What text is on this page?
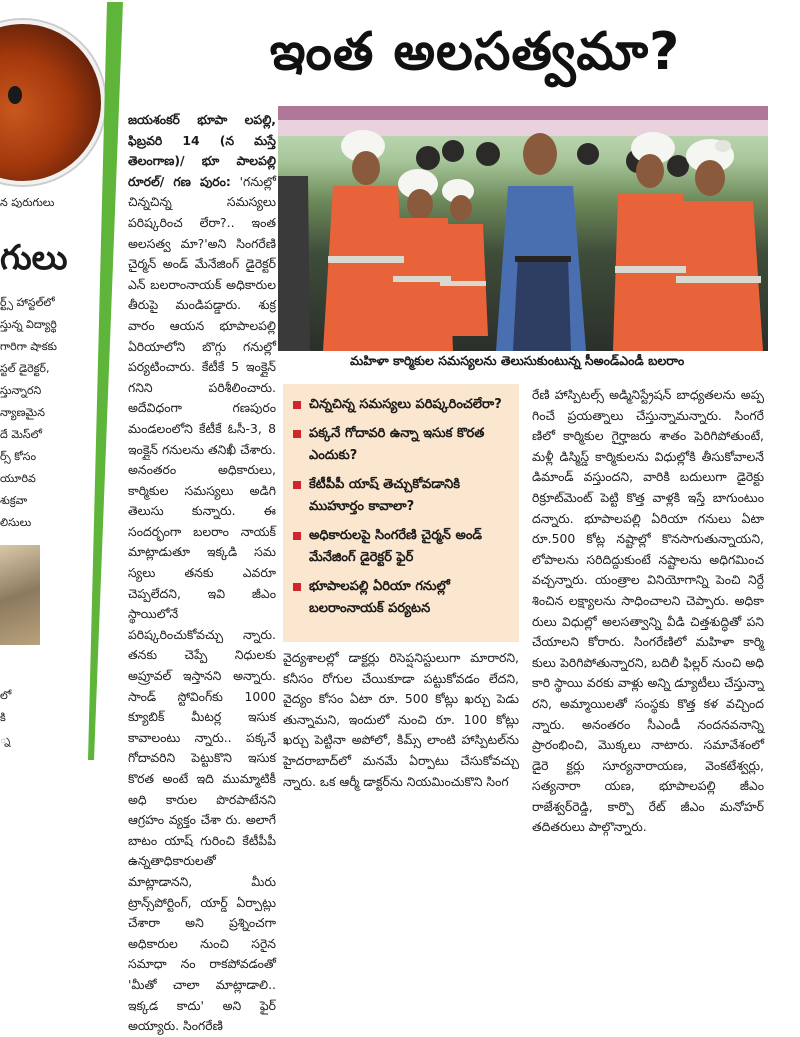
న పురుగులు
గులు
ర్ట్స్ హాస్టల్‌లో
స్తున్న విద్యార్థి
గారిగా షాకకు
స్టల్ డైరెక్టర్,
స్తున్నారని
న్యాణమైన
దే మెస్‌లో
ర్స్ కోసం
యూరివ
శుక్రవా
లిసులు
లో
కి
్న
ఇంత అలసత్వమా?
జయశంకర్ భూపా లపల్లి, ఫిబ్రవరి 14 (న మస్తే తెలంగాణ)/ భూ పాలపల్లి రూరల్/ గణ పురం: 'గనుల్లో చిన్నచిన్న సమస్యలు పరిష్కరించ లేరా?.. ఇంత అలసత్వ మా?'అని సింగరేణి చైర్మన్ అండ్ మేనేజింగ్ డైరెక్టర్ ఎన్ బలరాంనాయక్ అధికారుల తీరుపై మండిపడ్డారు. శుక్ర వారం ఆయన భూపాలపల్లి ఏరియాలోని బొగ్గు గనుల్లో పర్యటించారు. కేటీకే 5 ఇంక్లైన్ గనిని పరిశీలించారు. అదేవిధంగా గణపురం మండలంలోని కేటీకే ఓసీ-3, 8 ఇంక్లైన్ గనులను తనిఖీ చేశారు. అనంతరం అధికారులు, కార్మికుల సమస్యలు అడిగి తెలుసు కున్నారు. ఈ సందర్భంగా బలరాం నాయక్ మాట్లాడుతూ ఇక్కడి సమ స్యలు తనకు ఎవరూ చెప్పలేదని, ఇవి జీఎం స్థాయిలోనే పరిష్కరించుకోవచ్చు న్నారు. తనకు చెప్పే నిధులకు అప్రూవల్ ఇస్తానని అన్నారు. సాండ్ స్టోవింగ్‌కు 1000 క్యూబిక్ మీటర్ల ఇసుక కావాలంటు న్నారు.. పక్కనే గోదావరిని పెట్టుకొని ఇసుక కొరత అంటే ఇది ముమ్మాటికీ అధి కారుల పొరపాటేనని ఆగ్రహం వ్యక్తం చేశా రు. అలాగే బాటం యాష్ గురించి కేటీపీపీ ఉన్నతాధికారులతో మాట్లాడానని, మీరు ట్రాన్స్‌పోర్టింగ్, యార్డ్ ఏర్పాట్లు చేశారా అని ప్రశ్నించగా అధికారుల నుంచి సరైన సమాధా నం రాకపోవడంతో 'మీతో చాలా మాట్లాడాలి.. ఇక్కడ కాదు' అని ఫైర్ అయ్యారు. సింగరేణి
మహిళా కార్మికుల సమస్యలను తెలుసుకుంటున్న సీఅండ్ఎండీ బలరాం
చిన్నచిన్న సమస్యలు పరిష్కరించలేరా?
పక్కనే గోదావరి ఉన్నా ఇసుక కొరత ఎందుకు?
కేటీపీపీ యాష్ తెచ్చుకోవడానికి ముహూర్తం కావాలా?
అధికారులపై సింగరేణి చైర్మన్ అండ్ మేనేజింగ్ డైరెక్టర్ ఫైర్
భూపాలపల్లి ఏరియా గనుల్లో బలరాంనాయక్ పర్యటన
వైద్యశాలల్లో డాక్టర్లు రిసెప్షనిస్టులుగా మారారని, కనీసం రోగుల చేయికూడా పట్టుకోవడం లేదని, వైద్యం కోసం ఏటా రూ. 500 కోట్లు ఖర్చు పెడు తున్నామని, ఇందులో నుంచి రూ. 100 కోట్లు ఖర్చు పెట్టినా అపోలో, కిమ్స్ లాంటి హాస్పిటల్‌ను హైదరాబాద్‌లో మనమే ఏర్పాటు చేసుకోవచ్చు న్నారు. ఒక ఆర్మీ డాక్టర్‌ను నియమించుకొని సింగ
రేణి హాస్పిటల్స్ అడ్మినిస్ట్రేషన్ బాధ్యతలను అప్ప గించే ప్రయత్నాలు చేస్తున్నామన్నారు. సింగరే ణిలో కార్మికుల గైర్హాజరు శాతం పెరిగిపోతుంటే, మళ్లీ డిస్మిస్డ్ కార్మికులను విధుల్లోకి తీసుకోవాలనే డిమాండ్ వస్తుందని, వారికి బదులుగా డైరెక్టు రిక్రూట్‌మెంట్ పెట్టి కొత్త వాళ్లకి ఇస్తే బాగుంటుం దన్నారు. భూపాలపల్లి ఏరియా గనులు ఏటా రూ.500 కోట్ల నష్టాల్లో కొనసాగుతున్నాయని, లోపాలను సరిదిద్దుకుంటే నష్టాలను అధిగమించ వచ్చన్నారు. యంత్రాల వినియోగాన్ని పెంచి నిర్దే శించిన లక్ష్యాలను సాధించాలని చెప్పారు. అధికా రులు విధుల్లో అలసత్వాన్ని వీడి చిత్తశుద్ధితో పని చేయాలని కోరారు. సింగరేణిలో మహిళా కార్మి కులు పెరిగిపోతున్నారని, బదిలీ ఫిల్లర్ నుంచి అధి కారి స్థాయి వరకు వాళ్లు అన్ని డ్యూటీలు చేస్తున్నా రని, అమ్మాయిలతో సంస్థకు కొత్త కళ వచ్చింద న్నారు. అనంతరం సీఎండీ నందనవనాన్ని ప్రారంభించి, మొక్కలు నాటారు. సమావేశంలో డైరె క్టర్లు సూర్యనారాయణ, వెంకటేశ్వర్లు, సత్యనారా యణ, భూపాలపల్లి జీఎం రాజేశ్వర్‌రెడ్డి, కార్పొ రేట్ జీఎం మనోహర్ తదితరులు పాల్గొన్నారు.
